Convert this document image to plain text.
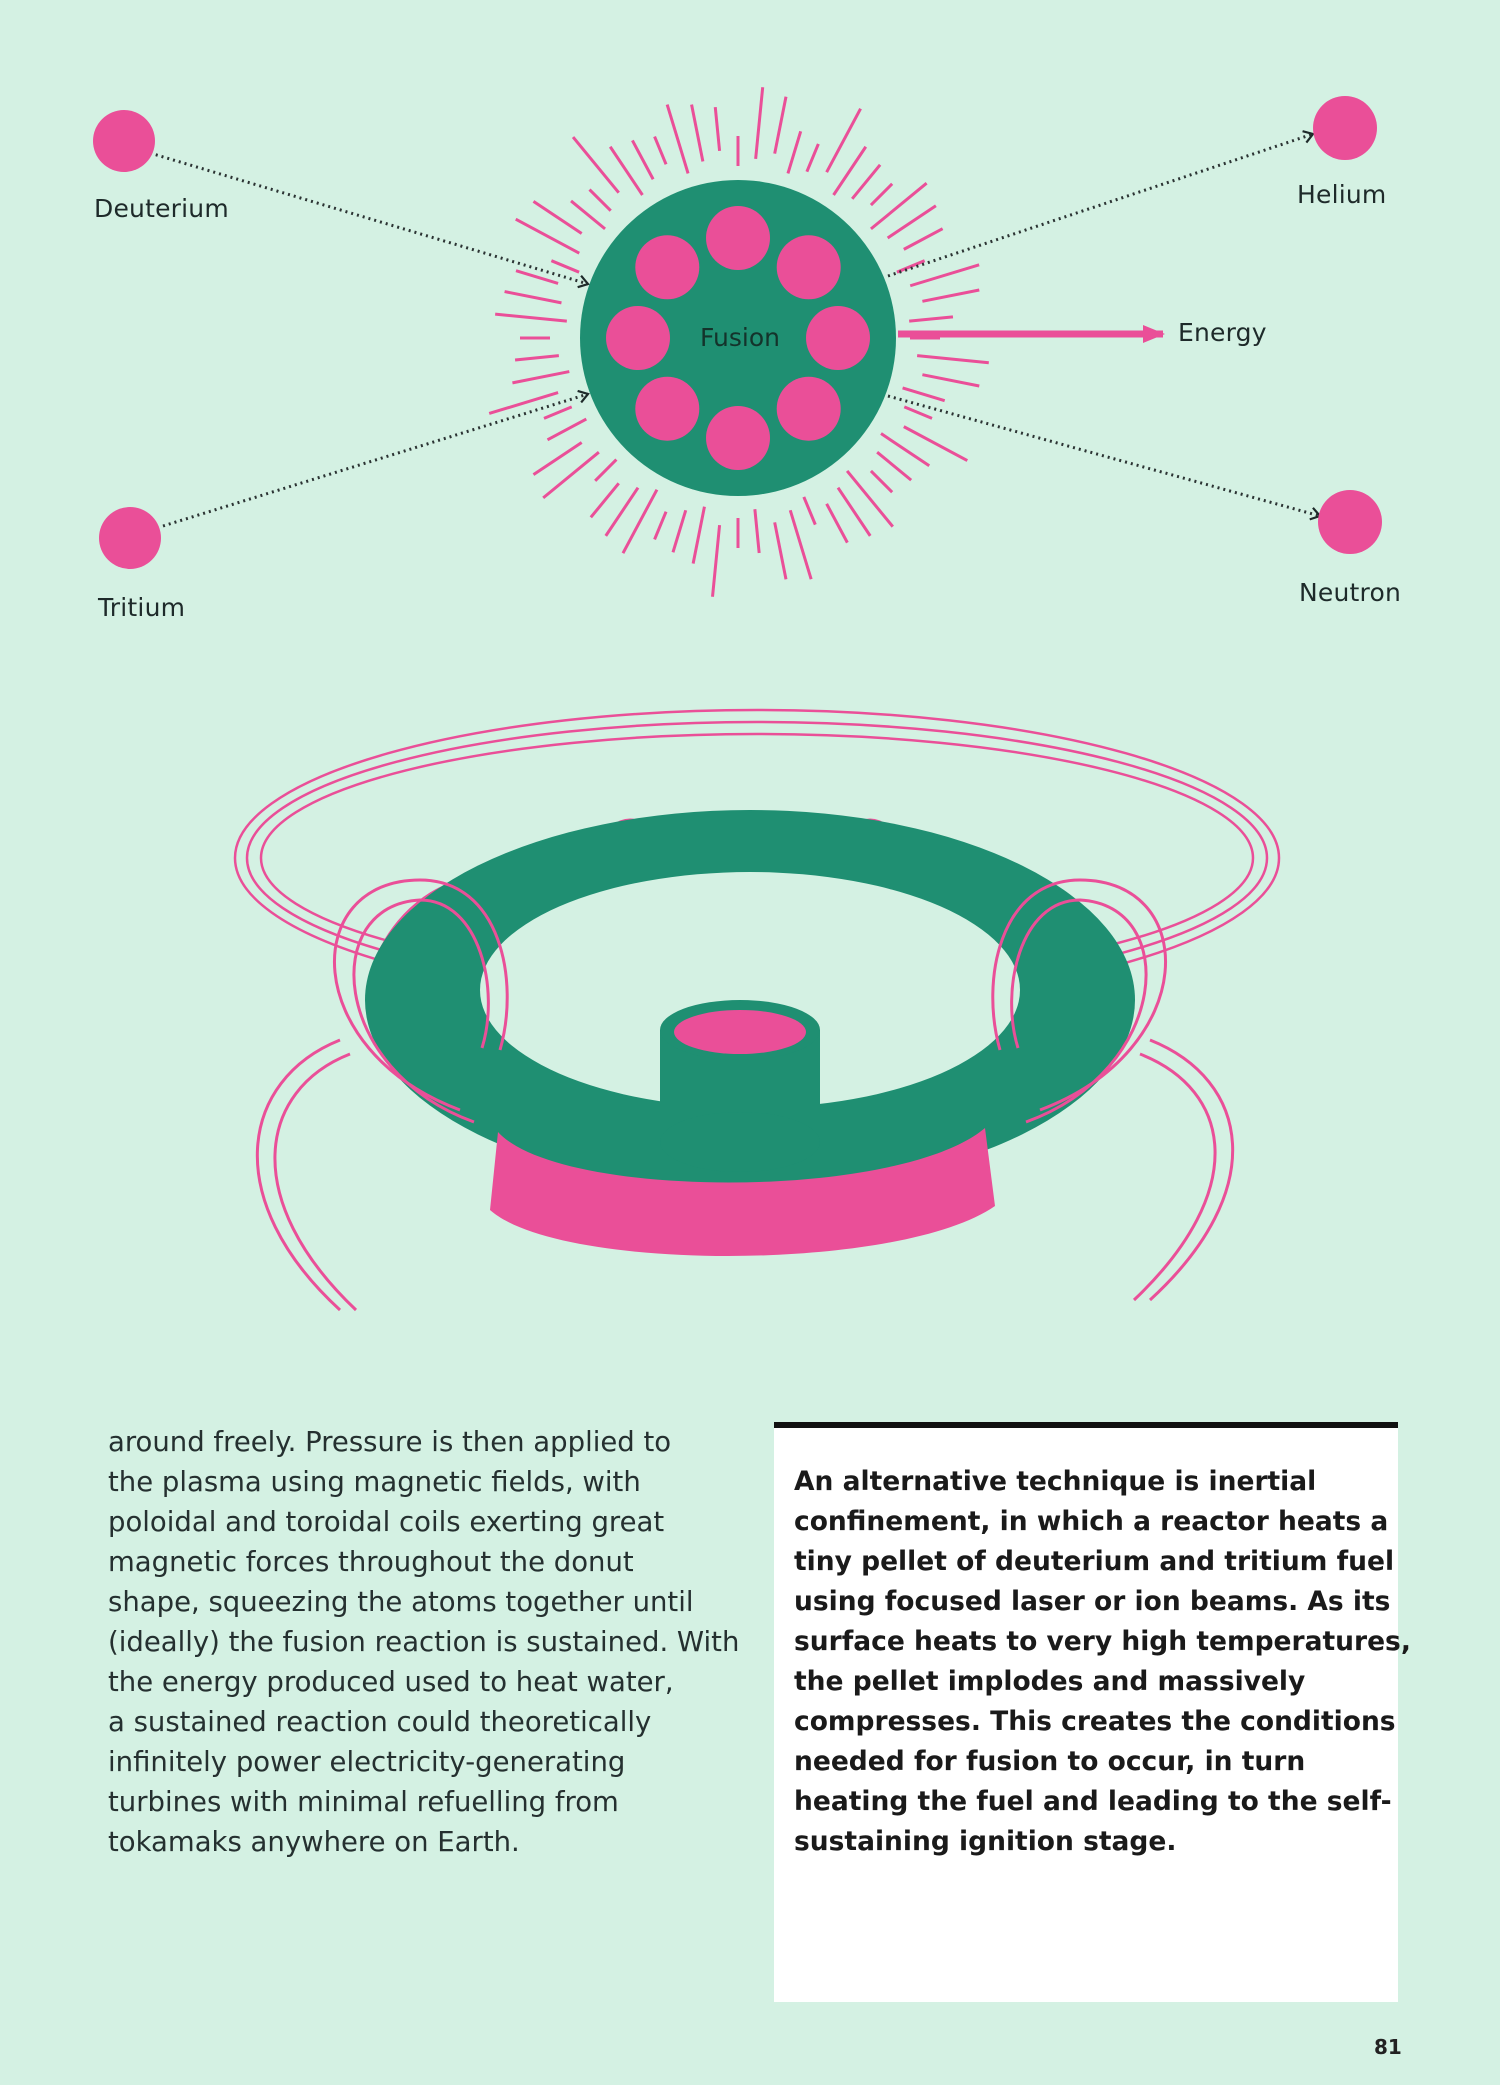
Fusion
Deuterium
Tritium
Helium
Energy
Neutron

around freely. Pressure is then applied to
the plasma using magnetic fields, with
poloidal and toroidal coils exerting great
magnetic forces throughout the donut
shape, squeezing the atoms together until
(ideally) the fusion reaction is sustained. With
the energy produced used to heat water,
a sustained reaction could theoretically
infinitely power electricity-generating
turbines with minimal refuelling from
tokamaks anywhere on Earth.

An alternative technique is inertial
confinement, in which a reactor heats a
tiny pellet of deuterium and tritium fuel
using focused laser or ion beams. As its
surface heats to very high temperatures,
the pellet implodes and massively
compresses. This creates the conditions
needed for fusion to occur, in turn
heating the fuel and leading to the self-
sustaining ignition stage.

81
